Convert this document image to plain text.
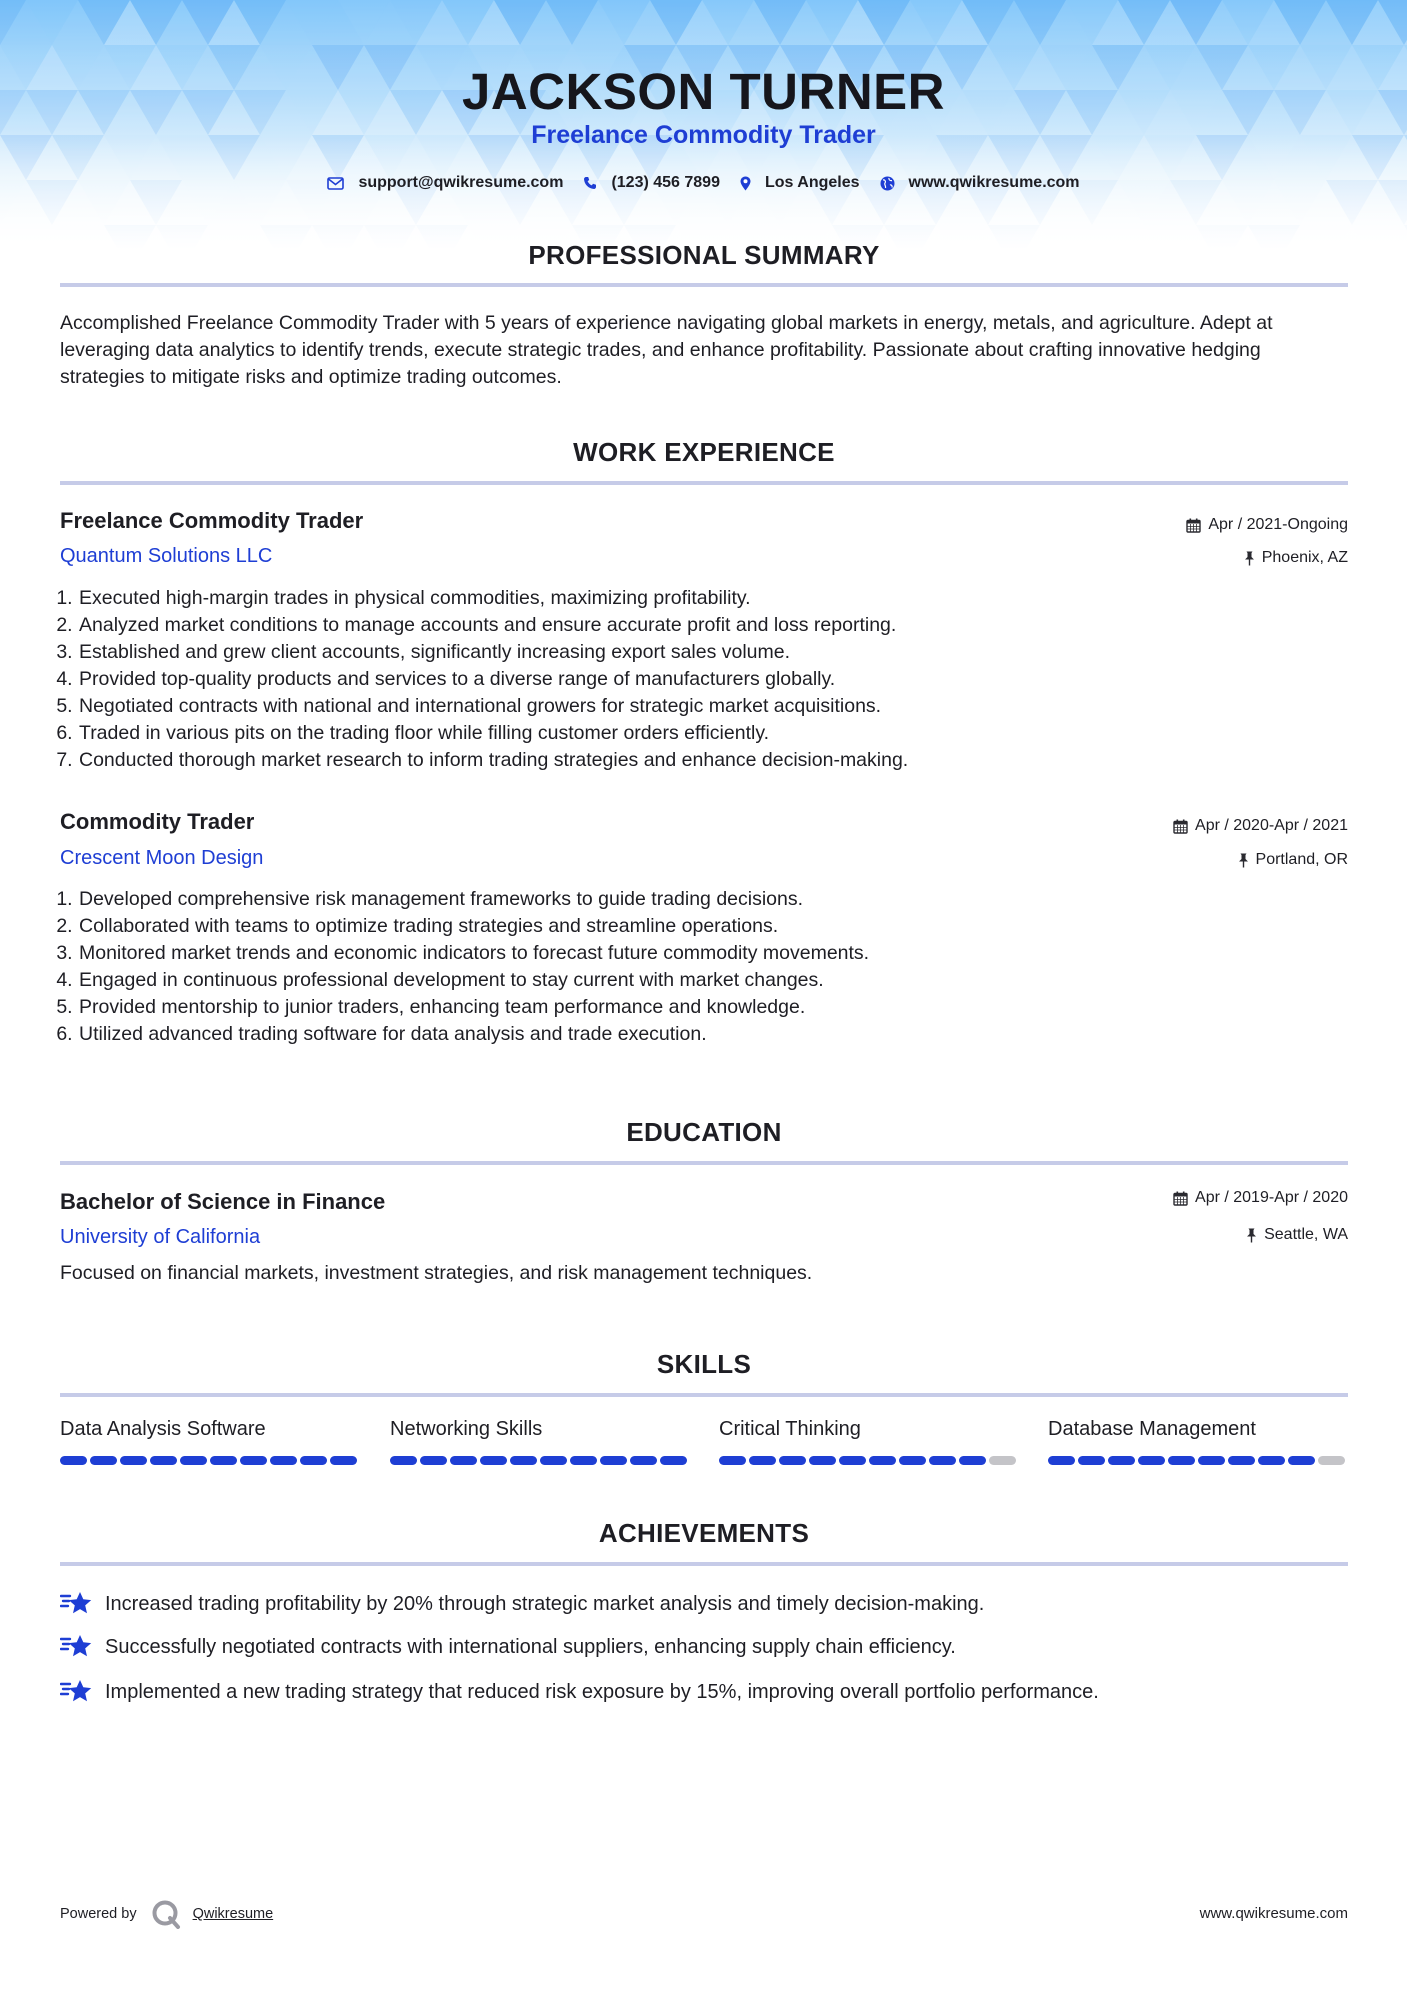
JACKSON TURNER
Freelance Commodity Trader
support@qwikresume.com	(123) 456 7899	Los Angeles	www.qwikresume.com
PROFESSIONAL SUMMARY
Accomplished Freelance Commodity Trader with 5 years of experience navigating global markets in energy, metals, and agriculture. Adept at leveraging data analytics to identify trends, execute strategic trades, and enhance profitability. Passionate about crafting innovative hedging strategies to mitigate risks and optimize trading outcomes.
WORK EXPERIENCE
Freelance Commodity Trader
Quantum Solutions LLC
Apr / 2021-Ongoing
Phoenix, AZ
1. Executed high-margin trades in physical commodities, maximizing profitability.
2. Analyzed market conditions to manage accounts and ensure accurate profit and loss reporting.
3. Established and grew client accounts, significantly increasing export sales volume.
4. Provided top-quality products and services to a diverse range of manufacturers globally.
5. Negotiated contracts with national and international growers for strategic market acquisitions.
6. Traded in various pits on the trading floor while filling customer orders efficiently.
7. Conducted thorough market research to inform trading strategies and enhance decision-making.
Commodity Trader
Crescent Moon Design
Apr / 2020-Apr / 2021
Portland, OR
1. Developed comprehensive risk management frameworks to guide trading decisions.
2. Collaborated with teams to optimize trading strategies and streamline operations.
3. Monitored market trends and economic indicators to forecast future commodity movements.
4. Engaged in continuous professional development to stay current with market changes.
5. Provided mentorship to junior traders, enhancing team performance and knowledge.
6. Utilized advanced trading software for data analysis and trade execution.
EDUCATION
Bachelor of Science in Finance
University of California
Apr / 2019-Apr / 2020
Seattle, WA
Focused on financial markets, investment strategies, and risk management techniques.
SKILLS
Data Analysis Software	Networking Skills	Critical Thinking	Database Management
ACHIEVEMENTS
Increased trading profitability by 20% through strategic market analysis and timely decision-making.
Successfully negotiated contracts with international suppliers, enhancing supply chain efficiency.
Implemented a new trading strategy that reduced risk exposure by 15%, improving overall portfolio performance.
Powered by	Qwikresume	www.qwikresume.com
